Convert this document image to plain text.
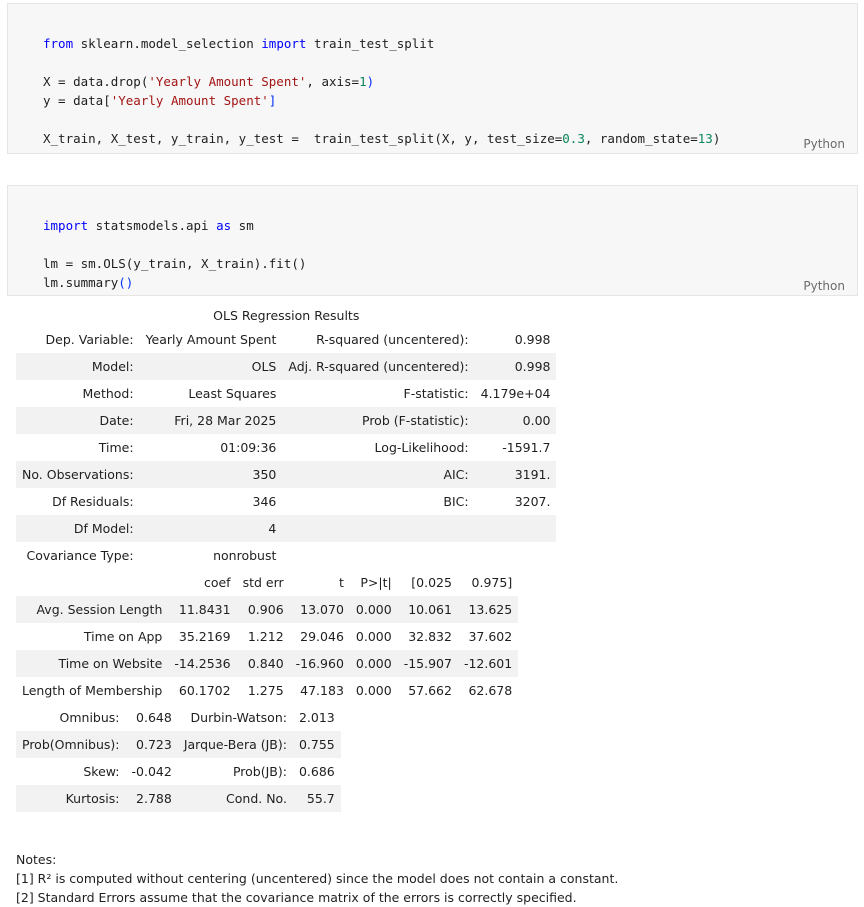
from sklearn.model_selection import train_test_split

X = data.drop('Yearly Amount Spent', axis=1)
y = data['Yearly Amount Spent']

X_train, X_test, y_train, y_test =  train_test_split(X, y, test_size=0.3, random_state=13)	Python

import statsmodels.api as sm

lm = sm.OLS(y_train, X_train).fit()
lm.summary()	Python
OLS Regression Results
Dep. Variable:	Yearly Amount Spent	R-squared (uncentered):	0.998
Model:	OLS	Adj. R-squared (uncentered):	0.998
Method:	Least Squares	F-statistic:	4.179e+04
Date:	Fri, 28 Mar 2025	Prob (F-statistic):	0.00
Time:	01:09:36	Log-Likelihood:	-1591.7
No. Observations:	350	AIC:	3191.
Df Residuals:	346	BIC:	3207.
Df Model:	4		
Covariance Type:	nonrobust		
	coef	std err	t	P>|t|	[0.025	0.975]
Avg. Session Length	11.8431	0.906	13.070	0.000	10.061	13.625
Time on App	35.2169	1.212	29.046	0.000	32.832	37.602
Time on Website	-14.2536	0.840	-16.960	0.000	-15.907	-12.601
Length of Membership	60.1702	1.275	47.183	0.000	57.662	62.678
Omnibus:	0.648	Durbin-Watson:	2.013
Prob(Omnibus):	0.723	Jarque-Bera (JB):	0.755
Skew:	-0.042	Prob(JB):	0.686
Kurtosis:	2.788	Cond. No.	55.7
Notes:
[1] R² is computed without centering (uncentered) since the model does not contain a constant.
[2] Standard Errors assume that the covariance matrix of the errors is correctly specified.
